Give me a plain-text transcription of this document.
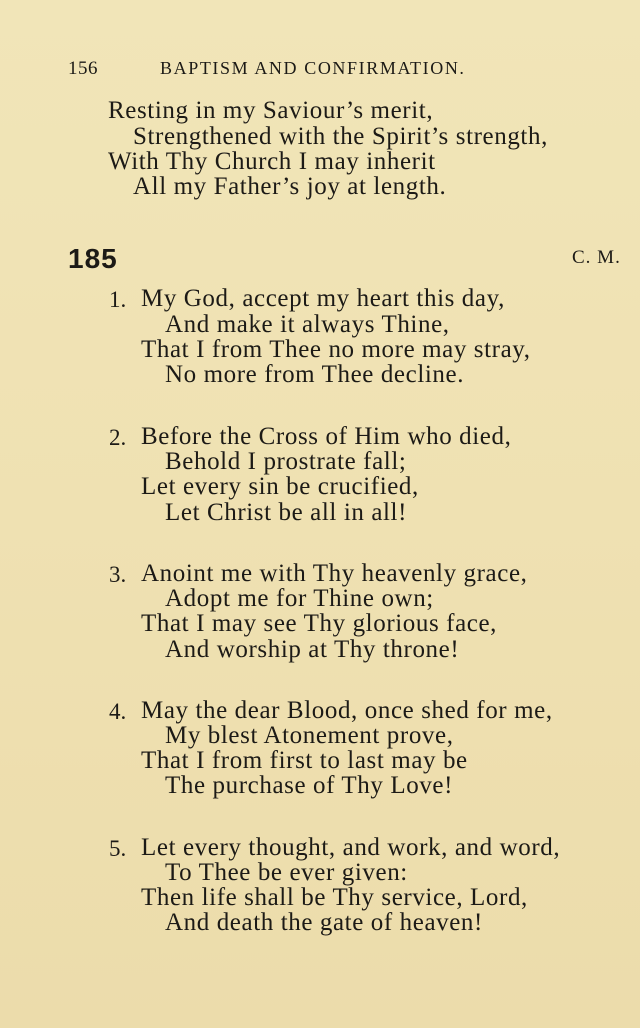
156	BAPTISM AND CONFIRMATION.
Resting in my Saviour’s merit,
Strengthened with the Spirit’s strength,
With Thy Church I may inherit
All my Father’s joy at length.
185	C. M.
1. My God, accept my heart this day,
And make it always Thine,
That I from Thee no more may stray,
No more from Thee decline.
2. Before the Cross of Him who died,
Behold I prostrate fall;
Let every sin be crucified,
Let Christ be all in all!
3. Anoint me with Thy heavenly grace,
Adopt me for Thine own;
That I may see Thy glorious face,
And worship at Thy throne!
4. May the dear Blood, once shed for me,
My blest Atonement prove,
That I from first to last may be
The purchase of Thy Love!
5. Let every thought, and work, and word,
To Thee be ever given:
Then life shall be Thy service, Lord,
And death the gate of heaven!
